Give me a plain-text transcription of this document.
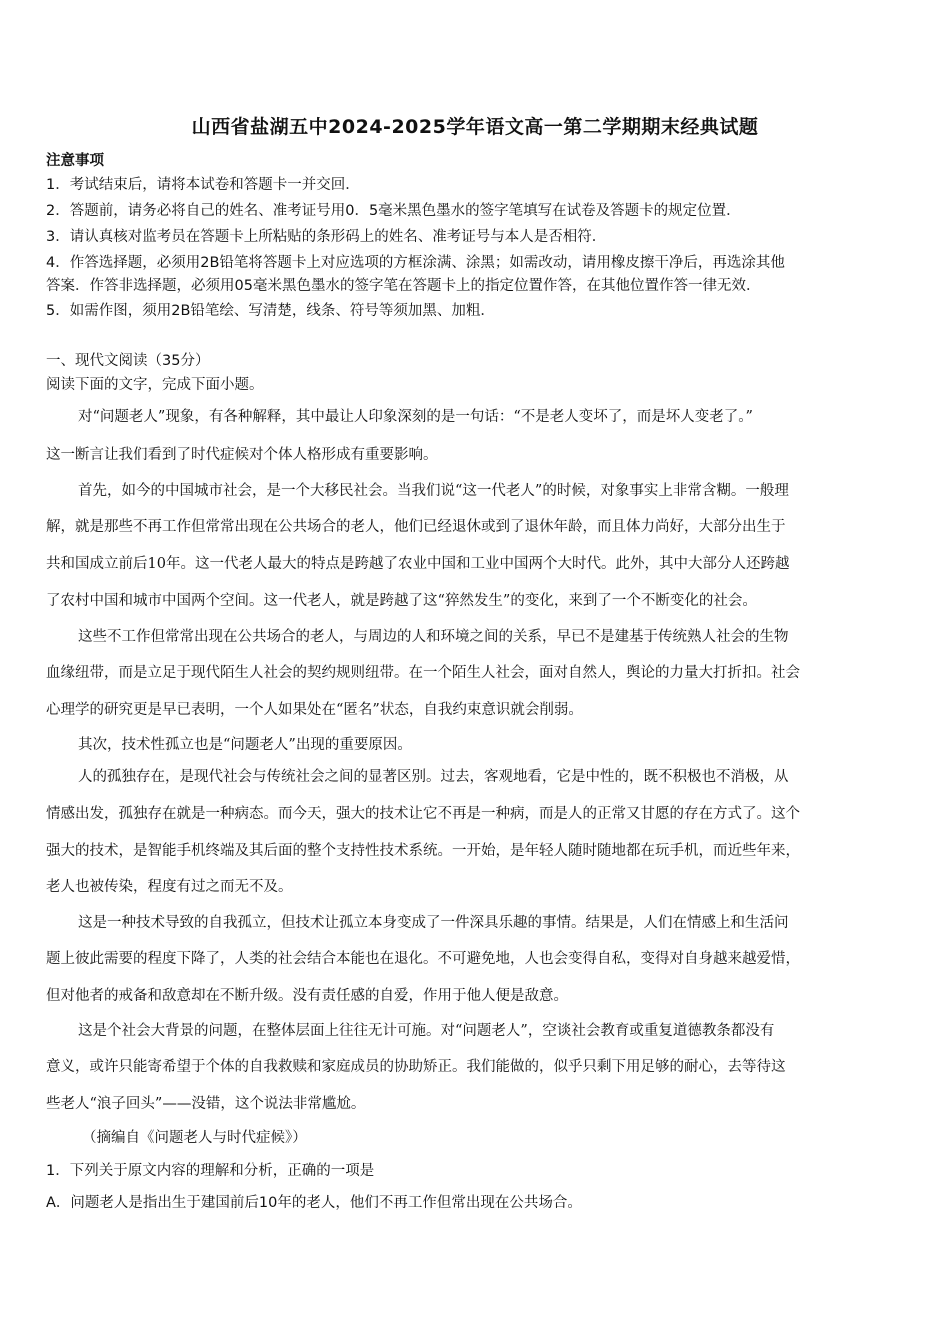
山西省盐湖五中2024-2025学年语文高一第二学期期末经典试题
注意事项
1．考试结束后，请将本试卷和答题卡一并交回．
2．答题前，请务必将自己的姓名、准考证号用0．5毫米黑色墨水的签字笔填写在试卷及答题卡的规定位置．
3．请认真核对监考员在答题卡上所粘贴的条形码上的姓名、准考证号与本人是否相符．
4．作答选择题，必须用2B铅笔将答题卡上对应选项的方框涂满、涂黑；如需改动，请用橡皮擦干净后，再选涂其他
答案．作答非选择题，必须用05毫米黑色墨水的签字笔在答题卡上的指定位置作答，在其他位置作答一律无效．
5．如需作图，须用2B铅笔绘、写清楚，线条、符号等须加黑、加粗．
一、现代文阅读（35分）
阅读下面的文字，完成下面小题。
对“问题老人”现象，有各种解释，其中最让人印象深刻的是一句话：“不是老人变坏了，而是坏人变老了。”
这一断言让我们看到了时代症候对个体人格形成有重要影响。
首先，如今的中国城市社会，是一个大移民社会。当我们说“这一代老人”的时候，对象事实上非常含糊。一般理
解，就是那些不再工作但常常出现在公共场合的老人，他们已经退休或到了退休年龄，而且体力尚好，大部分出生于
共和国成立前后10年。这一代老人最大的特点是跨越了农业中国和工业中国两个大时代。此外，其中大部分人还跨越
了农村中国和城市中国两个空间。这一代老人，就是跨越了这“猝然发生”的变化，来到了一个不断变化的社会。
这些不工作但常常出现在公共场合的老人，与周边的人和环境之间的关系，早已不是建基于传统熟人社会的生物
血缘纽带，而是立足于现代陌生人社会的契约规则纽带。在一个陌生人社会，面对自然人，舆论的力量大打折扣。社会
心理学的研究更是早已表明，一个人如果处在“匿名”状态，自我约束意识就会削弱。
其次，技术性孤立也是“问题老人”出现的重要原因。
人的孤独存在，是现代社会与传统社会之间的显著区别。过去，客观地看，它是中性的，既不积极也不消极，从
情感出发，孤独存在就是一种病态。而今天，强大的技术让它不再是一种病，而是人的正常又甘愿的存在方式了。这个
强大的技术，是智能手机终端及其后面的整个支持性技术系统。一开始，是年轻人随时随地都在玩手机，而近些年来，
老人也被传染，程度有过之而无不及。
这是一种技术导致的自我孤立，但技术让孤立本身变成了一件深具乐趣的事情。结果是，人们在情感上和生活问
题上彼此需要的程度下降了，人类的社会结合本能也在退化。不可避免地，人也会变得自私，变得对自身越来越爱惜，
但对他者的戒备和敌意却在不断升级。没有责任感的自爱，作用于他人便是敌意。
这是个社会大背景的问题，在整体层面上往往无计可施。对“问题老人”，空谈社会教育或重复道德教条都没有
意义，或许只能寄希望于个体的自我救赎和家庭成员的协助矫正。我们能做的，似乎只剩下用足够的耐心，去等待这
些老人“浪子回头”——没错，这个说法非常尴尬。
（摘编自《问题老人与时代症候》）
1．下列关于原文内容的理解和分析，正确的一项是
A．问题老人是指出生于建国前后10年的老人，他们不再工作但常出现在公共场合。
